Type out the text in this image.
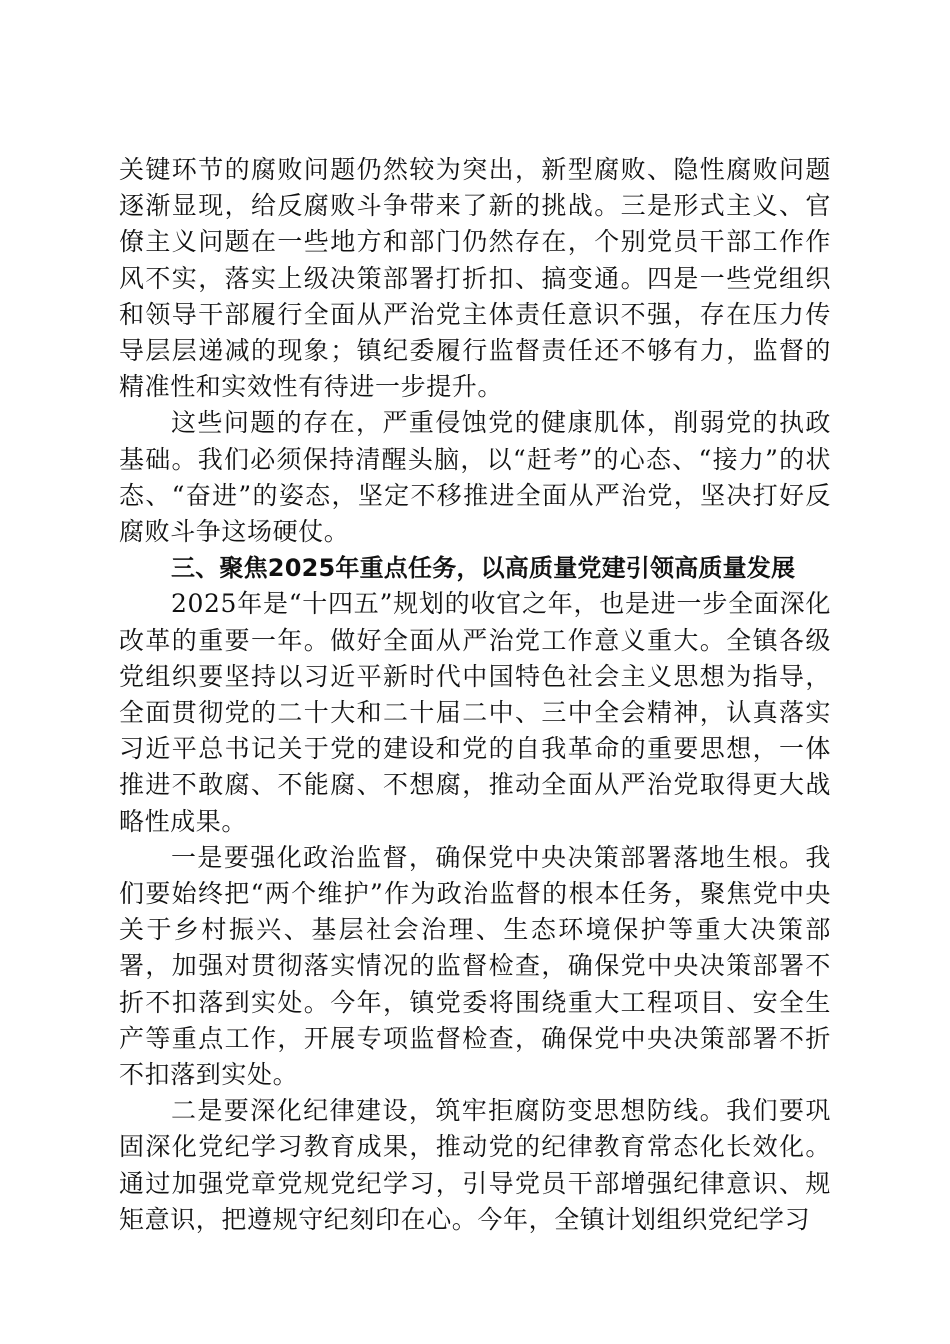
关键环节的腐败问题仍然较为突出，新型腐败、隐性腐败问题逐渐显现，给反腐败斗争带来了新的挑战。三是形式主义、官僚主义问题在一些地方和部门仍然存在，个别党员干部工作作风不实，落实上级决策部署打折扣、搞变通。四是一些党组织和领导干部履行全面从严治党主体责任意识不强，存在压力传导层层递减的现象；镇纪委履行监督责任还不够有力，监督的精准性和实效性有待进一步提升。

这些问题的存在，严重侵蚀党的健康肌体，削弱党的执政基础。我们必须保持清醒头脑，以“赶考”的心态、“接力”的状态、“奋进”的姿态，坚定不移推进全面从严治党，坚决打好反腐败斗争这场硬仗。

三、聚焦2025年重点任务，以高质量党建引领高质量发展

2025年是“十四五”规划的收官之年，也是进一步全面深化改革的重要一年。做好全面从严治党工作意义重大。全镇各级党组织要坚持以习近平新时代中国特色社会主义思想为指导，全面贯彻党的二十大和二十届二中、三中全会精神，认真落实习近平总书记关于党的建设和党的自我革命的重要思想，一体推进不敢腐、不能腐、不想腐，推动全面从严治党取得更大战略性成果。

一是要强化政治监督，确保党中央决策部署落地生根。我们要始终把“两个维护”作为政治监督的根本任务，聚焦党中央关于乡村振兴、基层社会治理、生态环境保护等重大决策部署，加强对贯彻落实情况的监督检查，确保党中央决策部署不折不扣落到实处。今年，镇党委将围绕重大工程项目、安全生产等重点工作，开展专项监督检查，确保党中央决策部署不折不扣落到实处。

二是要深化纪律建设，筑牢拒腐防变思想防线。我们要巩固深化党纪学习教育成果，推动党的纪律教育常态化长效化。通过加强党章党规党纪学习，引导党员干部增强纪律意识、规矩意识，把遵规守纪刻印在心。今年，全镇计划组织党纪学习
